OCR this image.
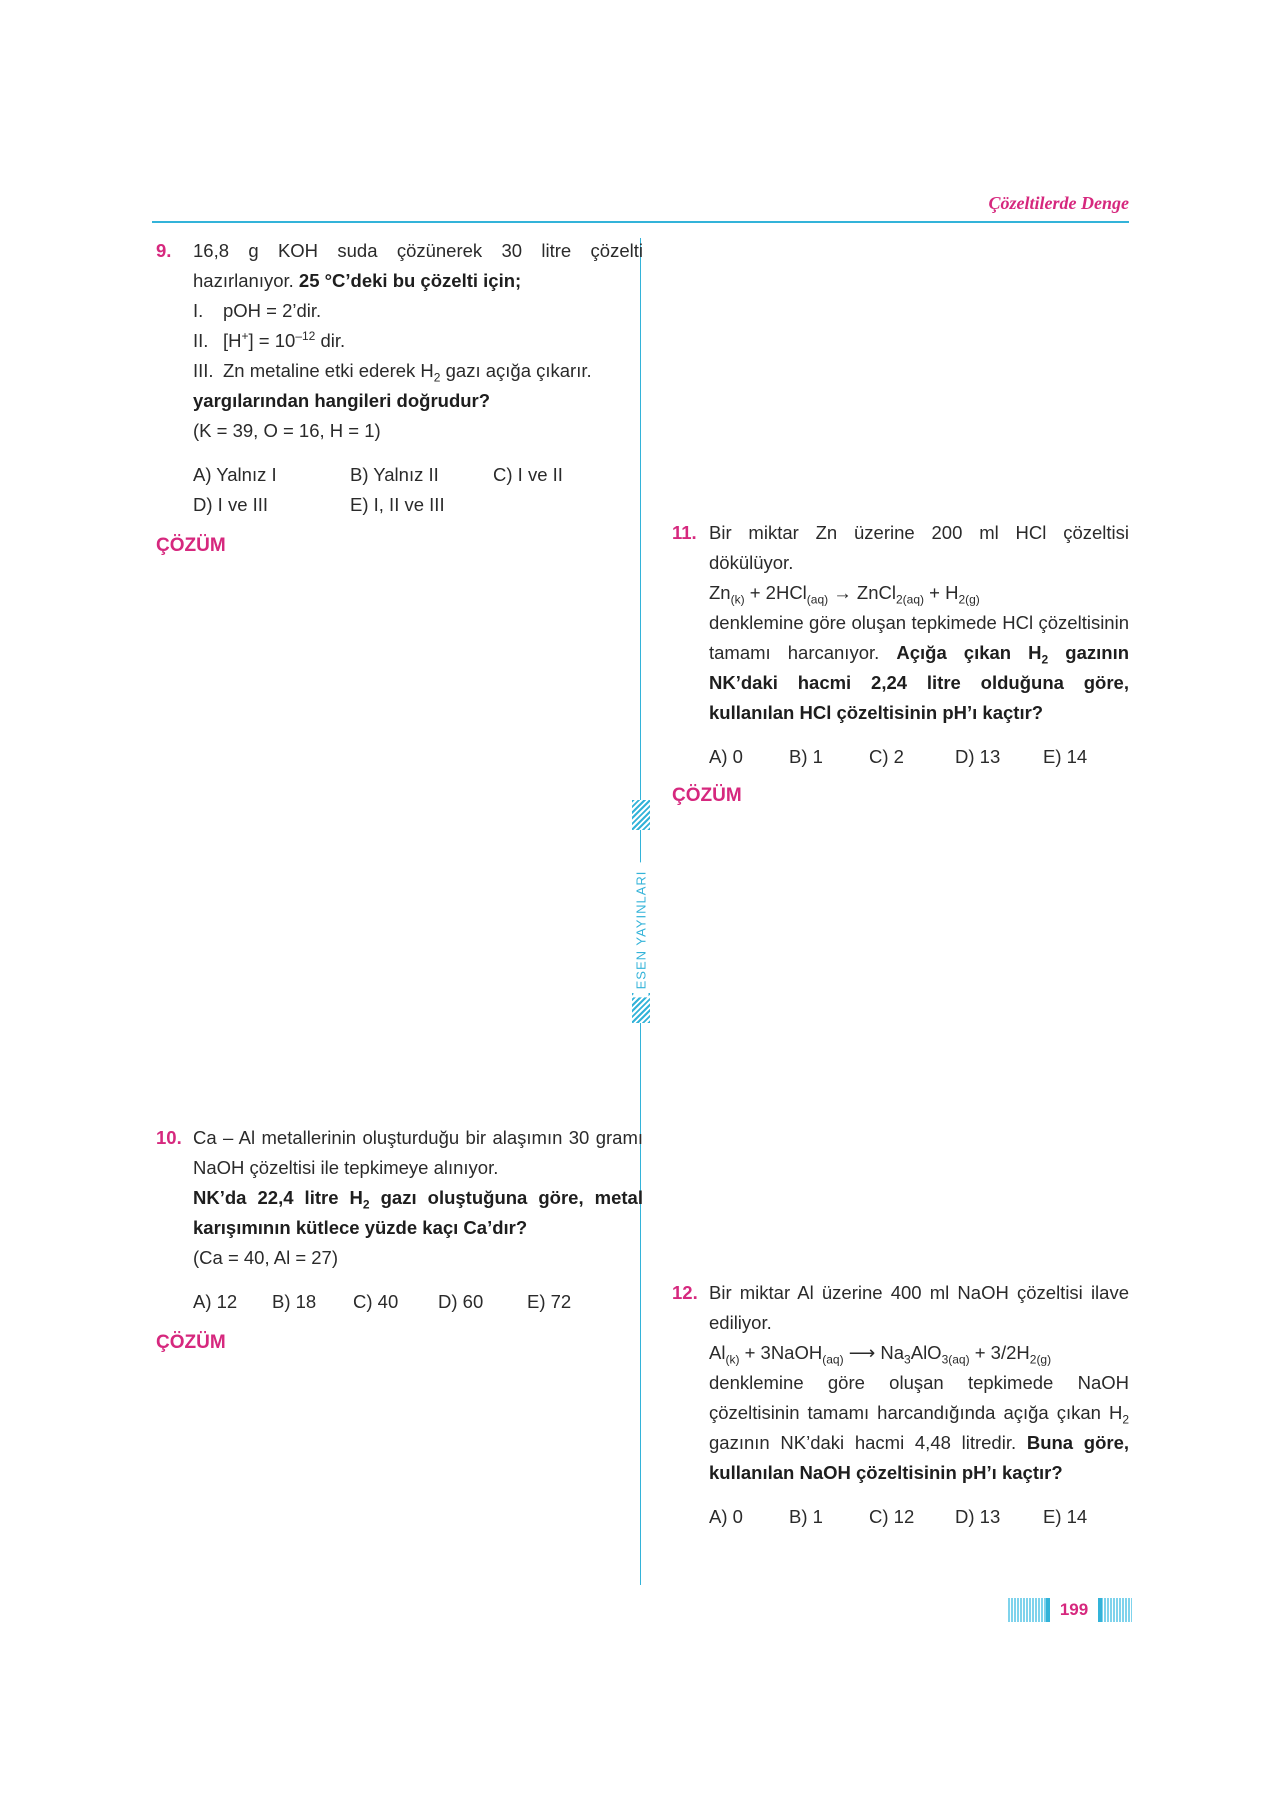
Çözeltilerde Denge
ESEN YAYINLARI
9. 16,8 g KOH suda çözünerek 30 litre çözelti hazırlanıyor. 25 °C’deki bu çözelti için;

I.	pOH = 2’dir.
II. $[H^+] = 10^{-12}$ dir.
III. Zn metaline etki ederek $H_2$ gazı açığa çıkarır.
yargılarından hangileri doğrudur?
(K = 39, O = 16, H = 1)
A) Yalnız I	B) Yalnız II	C) I ve II
D) I ve III	E) I, II ve III
ÇÖZÜM
10. Ca – Al metallerinin oluşturduğu bir alaşımın 30 gramı NaOH çözeltisi ile tepkimeye alınıyor.

NK’da 22,4 litre $H_2$ gazı oluştuğuna göre, metal karışımının kütlece yüzde kaçı Ca’dır?

(Ca = 40, Al = 27)
A) 12	B) 18	C) 40	D) 60	E) 72
ÇÖZÜM
11. Bir miktar Zn üzerine 200 ml HCl çözeltisi dökülüyor.

$Zn_{(k)} + 2HCl_{(aq)}$ → ZnCl$_{2(aq)}$ + $H_{2(g)}$

denklemine göre oluşan tepkimede HCl çözeltisinin tamamı harcanıyor. Açığa çıkan $H_2$ gazının NK’daki hacmi 2,24 litre olduğuna göre, kullanılan HCl çözeltisinin pH’ı kaçtır?

A) 0	B) 1	C) 2	D) 13	E) 14
ÇÖZÜM
12. Bir miktar Al üzerine 400 ml NaOH çözeltisi ilave ediliyor.

$Al_{(k)}$ + 3NaOH$_{(aq)}$ ⟶ $Na_3AlO_{3(aq)} + 3/2H_{2(g)}$

denklemine göre oluşan tepkimede NaOH çözeltisinin tamamı harcandığında açığa çıkan $H_2$ gazının NK’daki hacmi 4,48 litredir. Buna göre, kullanılan NaOH çözeltisinin pH’ı kaçtır?

A) 0	B) 1	C) 12	D) 13	E) 14
199
